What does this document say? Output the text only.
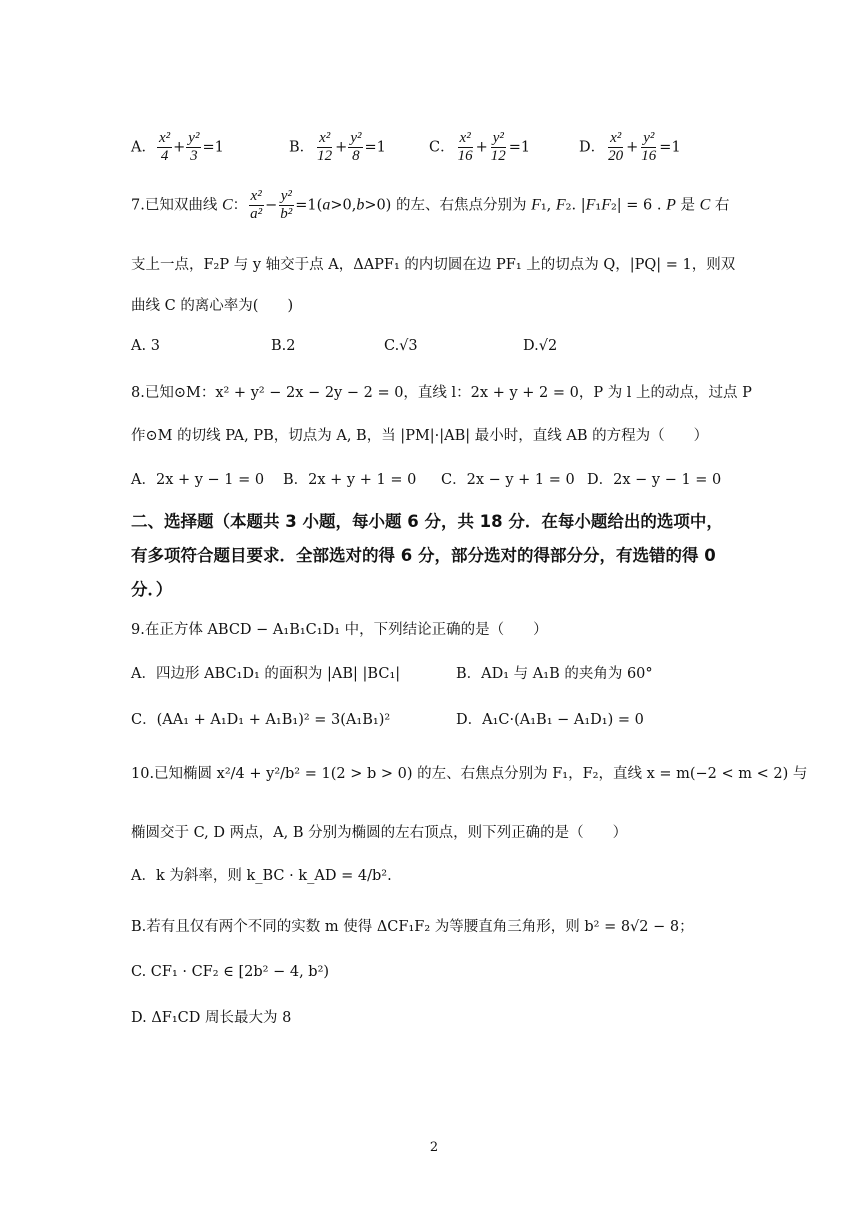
A． $\frac{\text{x²}}{4} + \frac{\text{y²}}{3} =1$	B． $\frac{\text{x²}}{12} + \frac{\text{y²}}{8} =1$	C． $\frac{\text{x²}}{16} + \frac{\text{y²}}{12} =1$	D． $\frac{\text{x²}}{20} + \frac{\text{y²}}{16} =1$
7.已知双曲线 C： $\frac{\text{x²}}{\text{a²}} - \frac{\text{y²}}{\text{b²}} =1(a>0,b>0)$ 的左、右焦点分别为 F₁, F₂. |F₁F₂| = 6 . P 是 C 右
支上一点，F₂P 与 y 轴交于点 A，ΔAPF₁ 的内切圆在边 PF₁ 上的切点为 Q，|PQ| = 1，则双
曲线 C 的离心率为(　　)
A. 3	B.2	C.√3	D.√2
8.已知⊙M：x² + y² − 2x − 2y − 2 = 0，直线 l：2x + y + 2 = 0，P 为 l 上的动点，过点 P
作⊙M 的切线 PA, PB，切点为 A, B，当 |PM|·|AB| 最小时，直线 AB 的方程为（　　）
A．2x + y − 1 = 0 B．2x + y + 1 = 0 C．2x − y + 1 = 0 D．2x − y − 1 = 0
二、选择题（本题共 3 小题，每小题 6 分，共 18 分．在每小题给出的选项中，
有多项符合题目要求．全部选对的得 6 分，部分选对的得部分分，有选错的得 0
分．）
9.在正方体 ABCD − A₁B₁C₁D₁ 中，下列结论正确的是（　　）
A．四边形 ABC₁D₁ 的面积为 |AB| |BC₁|	B．AD₁ 与 A₁B 的夹角为 60°
C．(AA₁ + A₁D₁ + A₁B₁)² = 3(A₁B₁)²	D．A₁C·(A₁B₁ − A₁D₁) = 0
10.已知椭圆 x²/4 + y²/b² = 1(2 > b > 0) 的左、右焦点分别为 F₁，F₂，直线 x = m(−2 < m < 2) 与
椭圆交于 C, D 两点，A, B 分别为椭圆的左右顶点，则下列正确的是（　　）
A．k 为斜率，则 k_BC · k_AD = 4/b².
B.若有且仅有两个不同的实数 m 使得 ΔCF₁F₂ 为等腰直角三角形，则 b² = 8√2 − 8；
C. CF₁ · CF₂ ∈ [2b² − 4, b²)
D. ΔF₁CD 周长最大为 8
2
